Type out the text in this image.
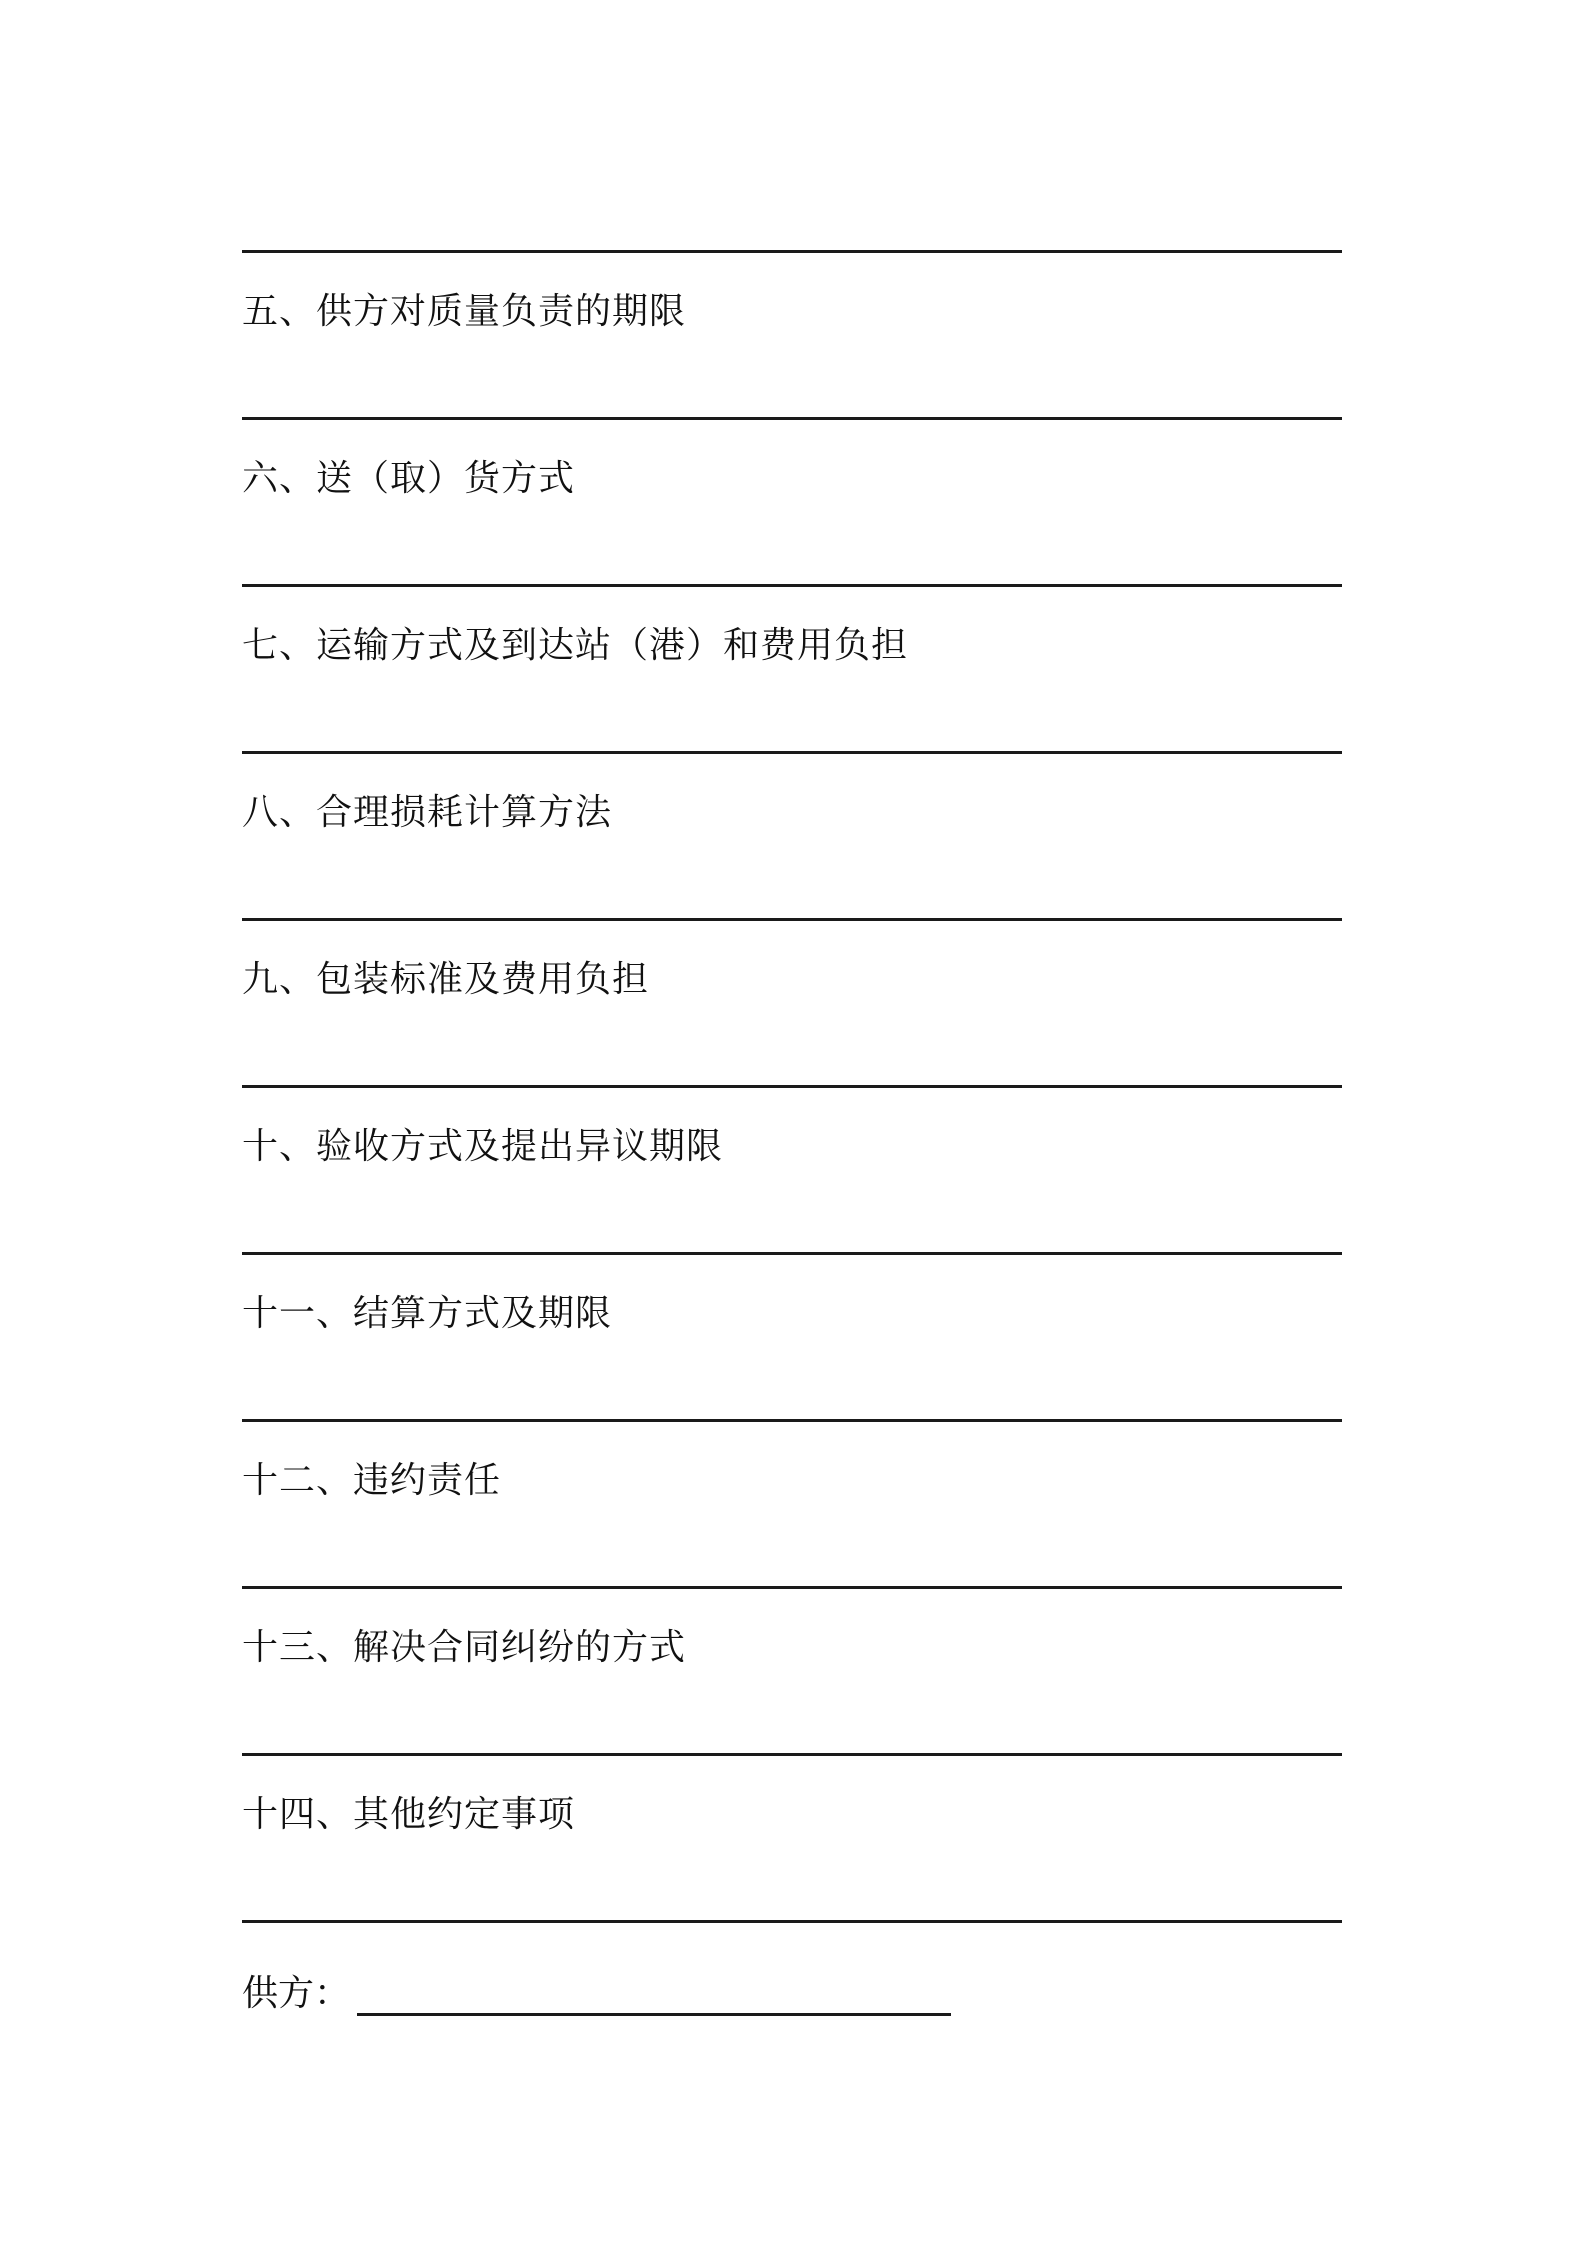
五、供方对质量负责的期限
六、送（取）货方式
七、运输方式及到达站（港）和费用负担
八、合理损耗计算方法
九、包装标准及费用负担
十、验收方式及提出异议期限
十一、结算方式及期限
十二、违约责任
十三、解决合同纠纷的方式
十四、其他约定事项
供方：
